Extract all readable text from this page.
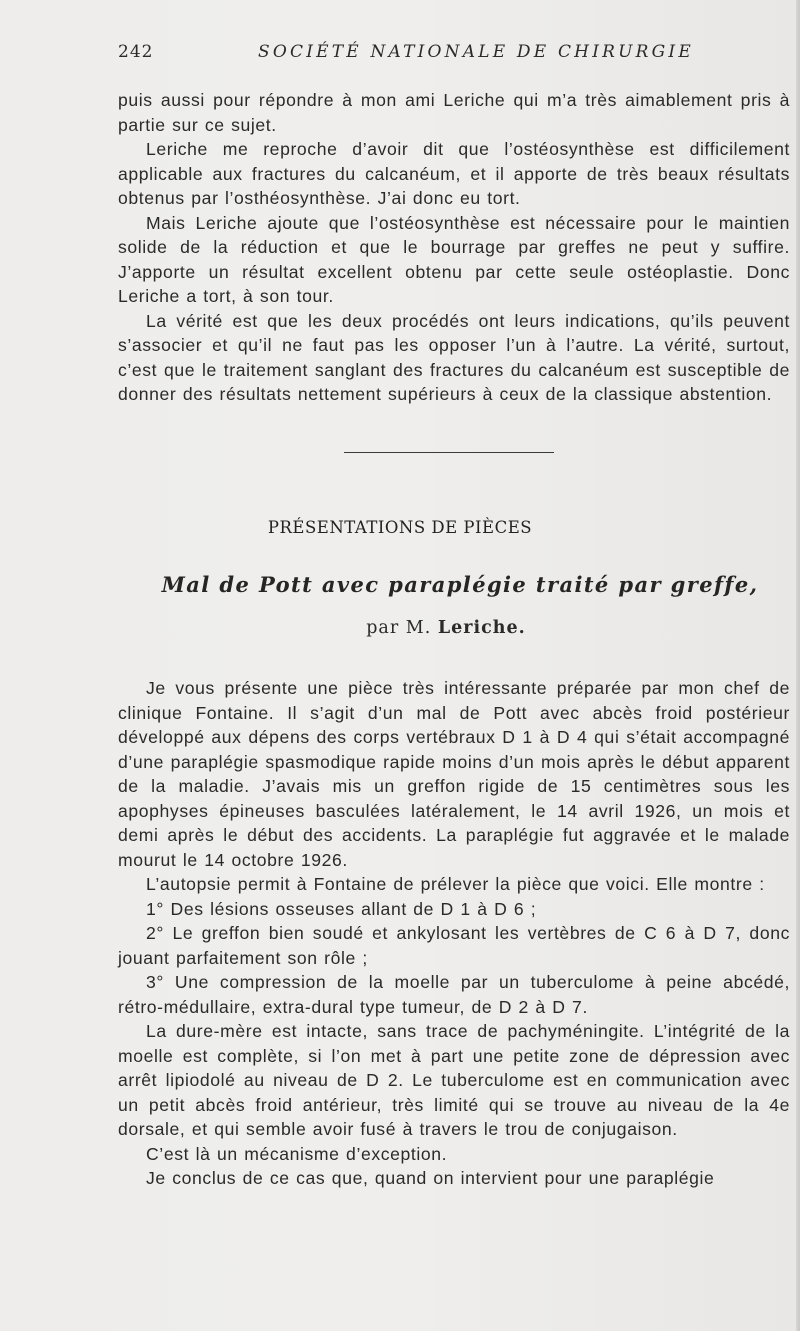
242	SOCIÉTÉ NATIONALE DE CHIRURGIE

puis aussi pour répondre à mon ami Leriche qui m’a très aimablement pris à partie sur ce sujet.

Leriche me reproche d’avoir dit que l’ostéosynthèse est difficilement applicable aux fractures du calcanéum, et il apporte de très beaux résultats obtenus par l’osthéosynthèse. J’ai donc eu tort.

Mais Leriche ajoute que l’ostéosynthèse est nécessaire pour le maintien solide de la réduction et que le bourrage par greffes ne peut y suffire. J’apporte un résultat excellent obtenu par cette seule ostéoplastie. Donc Leriche a tort, à son tour.

La vérité est que les deux procédés ont leurs indications, qu’ils peuvent s’associer et qu’il ne faut pas les opposer l’un à l’autre. La vérité, surtout, c’est que le traitement sanglant des fractures du calcanéum est susceptible de donner des résultats nettement supérieurs à ceux de la classique abstention.

PRÉSENTATIONS DE PIÈCES
Mal de Pott avec paraplégie traité par greffe,
par M. Leriche.

Je vous présente une pièce très intéressante préparée par mon chef de clinique Fontaine. Il s’agit d’un mal de Pott avec abcès froid postérieur développé aux dépens des corps vertébraux D 1 à D 4 qui s’était accompagné d’une paraplégie spasmodique rapide moins d’un mois après le début apparent de la maladie. J’avais mis un greffon rigide de 15 centimètres sous les apophyses épineuses basculées latéralement, le 14 avril 1926, un mois et demi après le début des accidents. La paraplégie fut aggravée et le malade mourut le 14 octobre 1926.

L’autopsie permit à Fontaine de prélever la pièce que voici. Elle montre :

1° Des lésions osseuses allant de D 1 à D 6 ;

2° Le greffon bien soudé et ankylosant les vertèbres de C 6 à D 7, donc jouant parfaitement son rôle ;

3° Une compression de la moelle par un tuberculome à peine abcédé, rétro-médullaire, extra-dural type tumeur, de D 2 à D 7.

La dure-mère est intacte, sans trace de pachyméningite. L’intégrité de la moelle est complète, si l’on met à part une petite zone de dépression avec arrêt lipiodolé au niveau de D 2. Le tuberculome est en communication avec un petit abcès froid antérieur, très limité qui se trouve au niveau de la 4e dorsale, et qui semble avoir fusé à travers le trou de conjugaison.

C’est là un mécanisme d’exception.

Je conclus de ce cas que, quand on intervient pour une paraplégie
